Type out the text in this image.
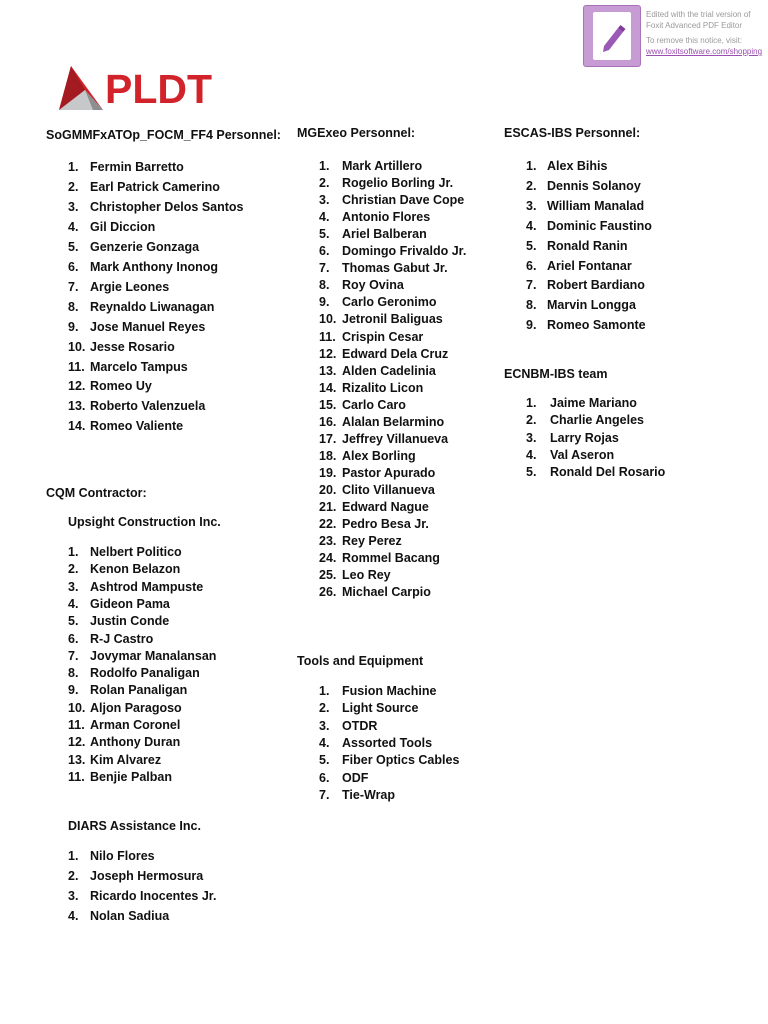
Edited with the trial version of
Foxit Advanced PDF Editor
To remove this notice, visit:
www.foxitsoftware.com/shopping
PLDT
SoGMMFxATOp_FOCM_FF4 Personnel:
1. Fermin Barretto
2. Earl Patrick Camerino
3. Christopher Delos Santos
4. Gil Diccion
5. Genzerie Gonzaga
6. Mark Anthony Inonog
7. Argie Leones
8. Reynaldo Liwanagan
9. Jose Manuel Reyes
10. Jesse Rosario
11. Marcelo Tampus
12. Romeo Uy
13. Roberto Valenzuela
14. Romeo Valiente
CQM Contractor:
Upsight Construction Inc.
1. Nelbert Politico
2. Kenon Belazon
3. Ashtrod Mampuste
4. Gideon Pama
5. Justin Conde
6. R-J Castro
7. Jovymar Manalansan
8. Rodolfo Panaligan
9. Rolan Panaligan
10. Aljon Paragoso
11. Arman Coronel
12. Anthony Duran
13. Kim Alvarez
11. Benjie Palban
DIARS Assistance Inc.
1. Nilo Flores
2. Joseph Hermosura
3. Ricardo Inocentes Jr.
4. Nolan Sadiua
MGExeo Personnel:
1. Mark Artillero
2. Rogelio Borling Jr.
3. Christian Dave Cope
4. Antonio Flores
5. Ariel Balberan
6. Domingo Frivaldo Jr.
7. Thomas Gabut Jr.
8. Roy Ovina
9. Carlo Geronimo
10. Jetronil Baliguas
11. Crispin Cesar
12. Edward Dela Cruz
13. Alden Cadelinia
14. Rizalito Licon
15. Carlo Caro
16. Alalan Belarmino
17. Jeffrey Villanueva
18. Alex Borling
19. Pastor Apurado
20. Clito Villanueva
21. Edward Nague
22. Pedro Besa Jr.
23. Rey Perez
24. Rommel Bacang
25. Leo Rey
26. Michael Carpio
Tools and Equipment
1. Fusion Machine
2. Light Source
3. OTDR
4. Assorted Tools
5. Fiber Optics Cables
6. ODF
7. Tie-Wrap
ESCAS-IBS Personnel:
1. Alex Bihis
2. Dennis Solanoy
3. William Manalad
4. Dominic Faustino
5. Ronald Ranin
6. Ariel Fontanar
7. Robert Bardiano
8. Marvin Longga
9. Romeo Samonte
ECNBM-IBS team
1. Jaime Mariano
2. Charlie Angeles
3. Larry Rojas
4. Val Aseron
5. Ronald Del Rosario
